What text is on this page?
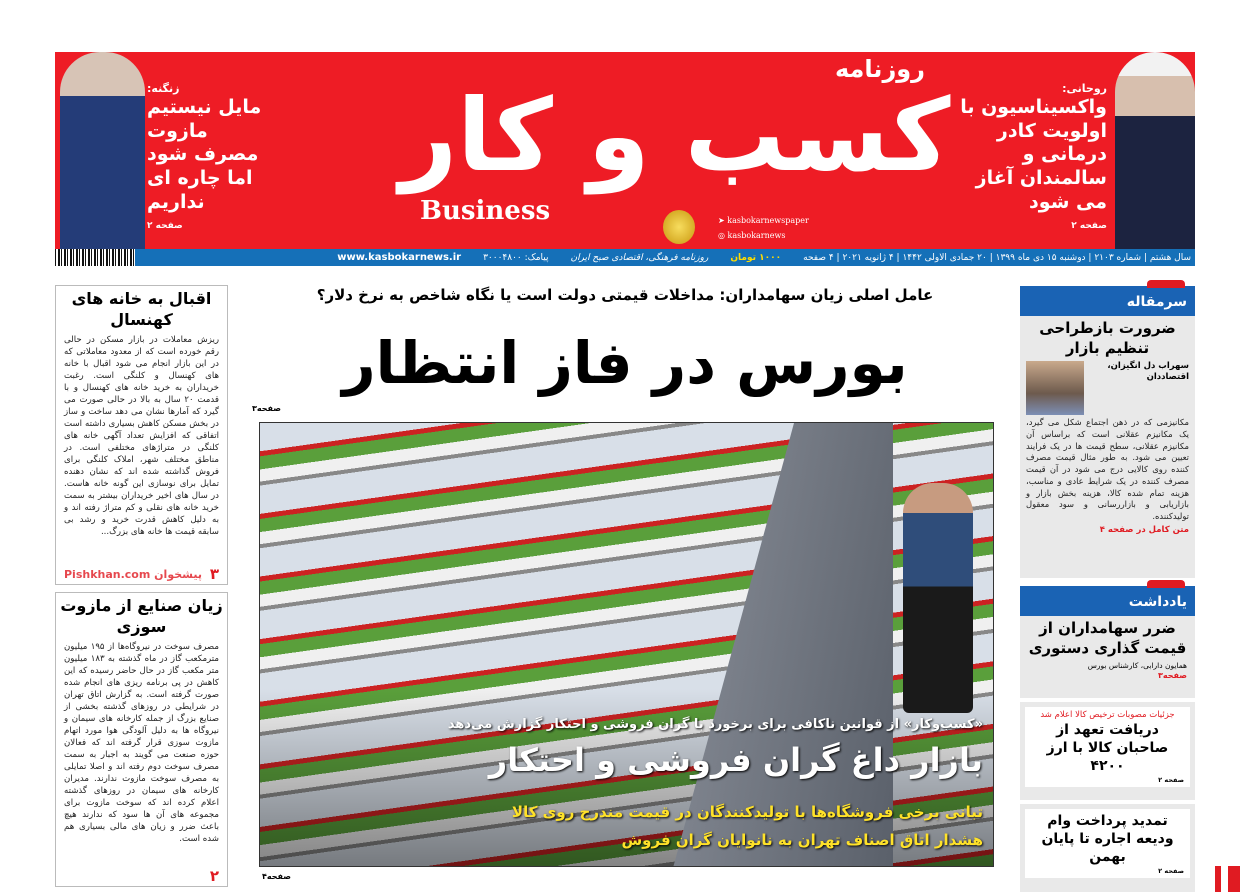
زنگنه:
مایل نیستیم مازوت مصرف شود اما چاره ای نداریم
صفحه ۲
روزنامه
کسب و کار
Business	➤ kasbokarnewspaper
◎ kasbokarnews
روحانی:
واکسیناسیون با اولویت کادر درمانی و سالمندان آغاز می شود
صفحه ۲
سال هشتم | شماره ۲۱۰۳ | دوشنبه ۱۵ دی ماه ۱۳۹۹ | ۲۰ جمادی الاولی ۱۴۴۲ | ۴ ژانویه ۲۰۲۱ | ۴ صفحه
۱۰۰۰ تومان
روزنامه فرهنگی، اقتصادی صبح ایران
پیامک: ۳۰۰۰۴۸۰۰
www.kasbokarnews.ir
اقبال به خانه های کهنسال
ریزش معاملات در بازار مسکن در حالی رقم خورده است که از معدود معاملاتی که در این بازار انجام می شود اقبال با خانه های کهنسال و کلنگی است. رغبت خریداران به خرید خانه های کهنسال و با قدمت ۲۰ سال به بالا در حالی صورت می گیرد که آمارها نشان می دهد ساخت و ساز در بخش مسکن کاهش بسیاری داشته است اتفاقی که افزایش تعداد آگهی خانه های کلنگی در مترا‌ژهای مختلفی است. در مناطق مختلف شهر، املاک کلنگی برای فروش گذاشته شده اند که نشان دهنده تمایل برای نوسازی این گونه خانه هاست. در سال های اخیر خریداران بیشتر به سمت خرید خانه های نقلی و کم متراژ رفته اند و به دلیل کاهش قدرت خرید و رشد بی سابقه قیمت ها خانه های بزرگ...
۳
پیشخوان Pishkhan.com
زیان صنایع از مازوت سوزی
مصرف سوخت در نیروگاه‌ها از ۱۹۵ میلیون مترمکعب گاز در ماه گذشته به ۱۸۳ میلیون متر مکعب گاز در حال حاضر رسیده که این کاهش در پی برنامه ریزی های انجام شده صورت گرفته است. به گزارش اتاق تهران در شرایطی در روزهای گذشته بخشی از صنایع بزرگ از جمله کارخانه های سیمان و نیروگاه ها به دلیل آلودگی هوا مورد اتهام مازوت سوزی قرار گرفته اند که فعالان حوزه صنعت می گویند به اجبار به سمت مصرف سوخت دوم رفته اند و اصلا تمایلی به مصرف سوخت مازوت ندارند. مدیران کارخانه های سیمان در روزهای گذشته اعلام کرده اند که سوخت مازوت برای مجموعه های آن ها سود که ندارند هیچ باعث ضرر و زیان های مالی بسیاری هم شده است.
۲
عامل اصلی زیان سهامداران: مداخلات قیمتی دولت است یا نگاه شاخص به نرخ دلار؟
بورس در فاز انتظار
صفحه۳
«کسب‌وکار» از قوانین ناکافی برای برخورد با گران فروشی و احتکار گزارش می‌دهد
بازار داغ گران فروشی و احتکار
تبانی برخی فروشگاه‌ها با تولیدکنندگان در قیمت مندرج روی کالا
هشدار اتاق اصناف تهران به نانوایان گران فروش
صفحه۴
سرمقاله
ضرورت بازطراحی تنظیم بازار
سهراب دل انگیزان، اقتصاددان
مکانیزمی که در ذهن اجتماع شکل می گیرد، یک مکانیزم عقلانی است که براساس آن مکانیزم عقلانی، سطح قیمت ها در یک فرایند تعیین می شود. به طور مثال قیمت مصرف کننده روی کالایی درج می شود در آن قیمت مصرف کننده در یک شرایط عادی و مناسب، هزینه تمام شده کالا، هزینه بخش بازار و بازاریابی و بازاررسانی و سود معقول تولیدکننده.
متن کامل در صفحه ۴
یادداشت
ضرر سهامداران از قیمت گذاری دستوری
همایون دارابی، کارشناس بورس
صفحه۳
جزئیات مصوبات ترخیص کالا اعلام شد
دریافت تعهد از صاحبان کالا با ارز ۴۲۰۰
صفحه ۲
تمدید پرداخت وام ودیعه اجاره تا پایان بهمن
صفحه ۲
